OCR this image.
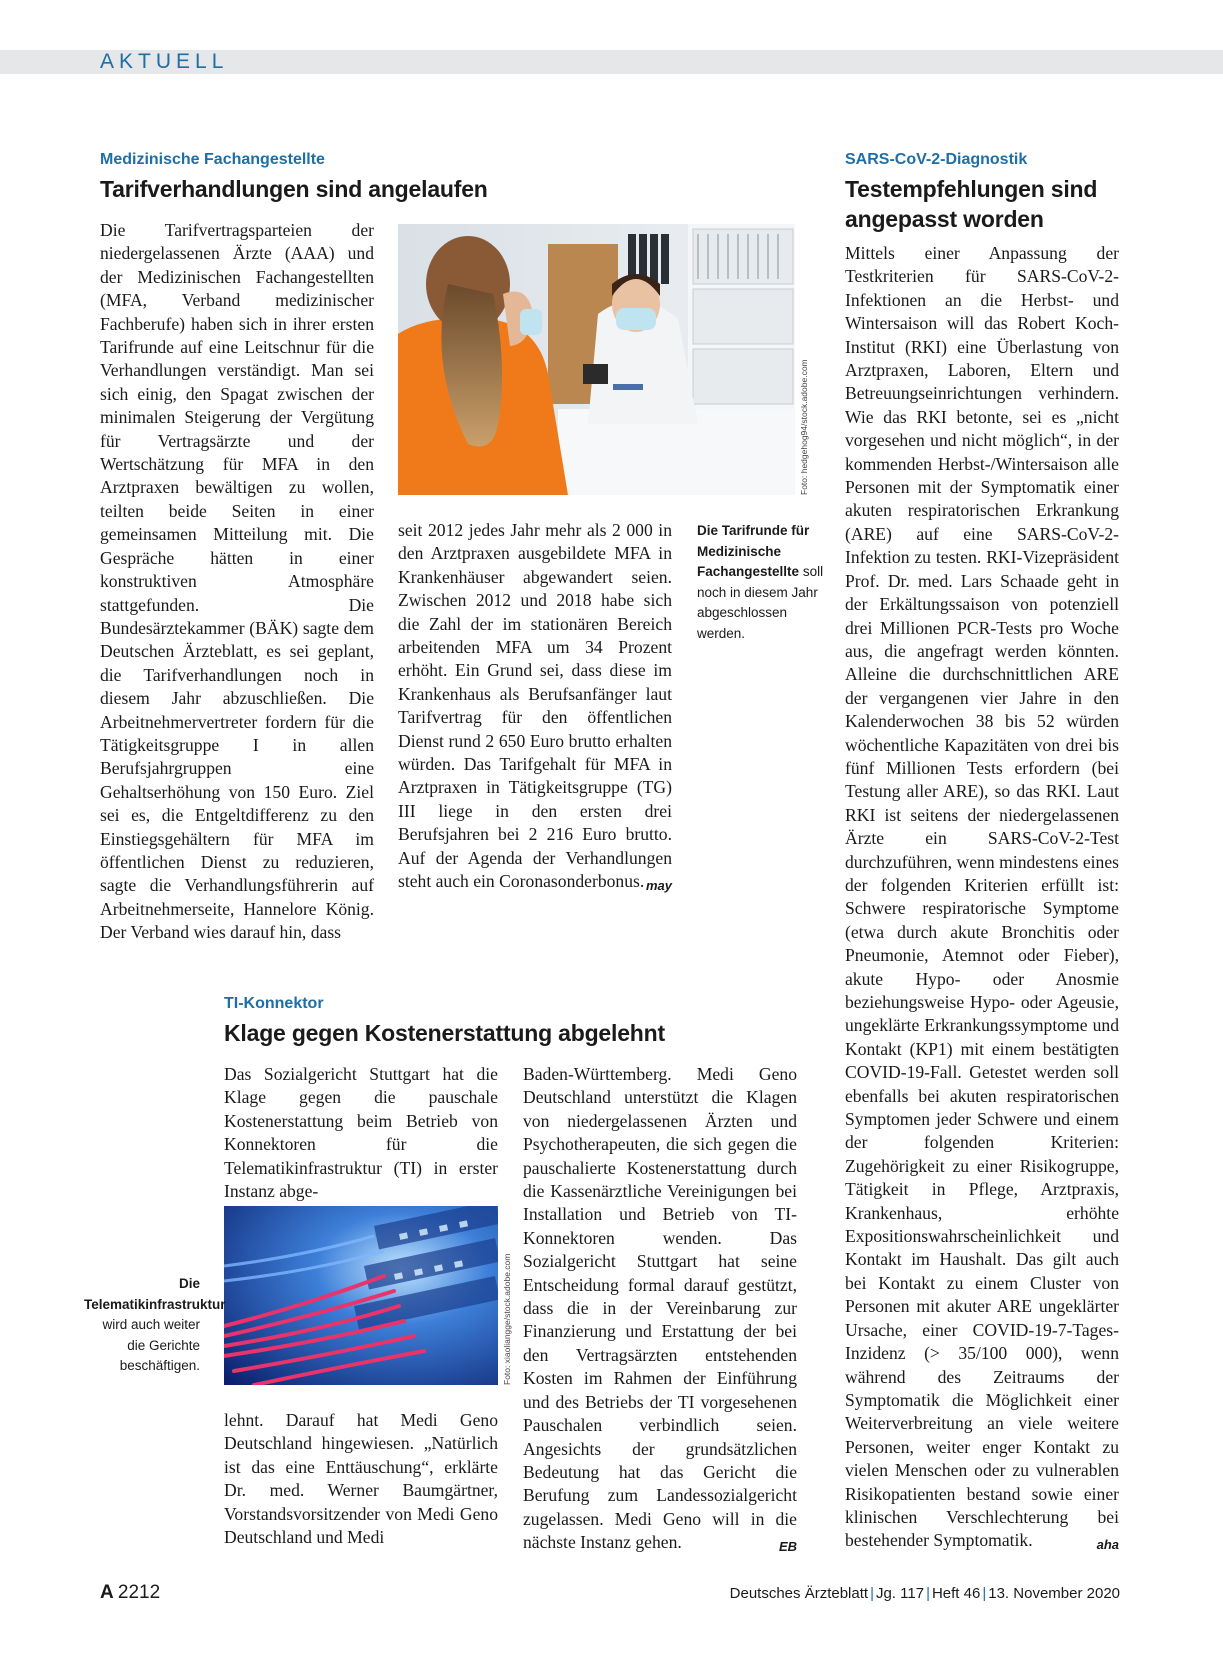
AKTUELL
Medizinische Fachangestellte
Tarifverhandlungen sind angelaufen

Die Tarifvertragsparteien der niedergelassenen Ärzte (AAA) und der Medizinischen Fachangestellten (MFA, Verband medizinischer Fachberufe) haben sich in ihrer ersten Tarifrunde auf eine Leitschnur für die Verhandlungen verständigt. Man sei sich einig, den Spagat zwischen der minimalen Steigerung der Vergütung für Vertragsärzte und der Wertschätzung für MFA in den Arztpraxen bewältigen zu wollen, teilten beide Seiten in einer gemeinsamen Mitteilung mit. Die Gespräche hätten in einer konstruktiven Atmosphäre stattgefunden. Die Bundesärztekammer (BÄK) sagte dem Deutschen Ärzteblatt, es sei geplant, die Tarifverhandlungen noch in diesem Jahr abzuschließen. Die Arbeitnehmervertreter fordern für die Tätigkeitsgruppe I in allen Berufsjahrgruppen eine Gehaltserhöhung von 150 Euro. Ziel sei es, die Entgeltdifferenz zu den Einstiegsgehältern für MFA im öffentlichen Dienst zu reduzieren, sagte die Verhandlungsführerin auf Arbeitnehmerseite, Hannelore König. Der Verband wies darauf hin, dass

Foto: hedgehog94/stock.adobe.com

seit 2012 jedes Jahr mehr als 2 000 in den Arztpraxen ausgebildete MFA in Krankenhäuser abgewandert seien. Zwischen 2012 und 2018 habe sich die Zahl der im stationären Bereich arbeitenden MFA um 34 Prozent erhöht. Ein Grund sei, dass diese im Krankenhaus als Berufsanfänger laut Tarifvertrag für den öffentlichen Dienst rund 2 650 Euro brutto erhalten würden. Das Tarifgehalt für MFA in Arztpraxen in Tätigkeitsgruppe (TG) III liege in den ersten drei Berufsjahren bei 2 216 Euro brutto. Auf der Agenda der Verhandlungen steht auch ein Coronasonderbonus. may

Die Tarifrunde für Medizinische Fachangestellte soll noch in diesem Jahr abgeschlossen werden.
TI-Konnektor
Klage gegen Kostenerstattung abgelehnt

Das Sozialgericht Stuttgart hat die Klage gegen die pauschale Kostenerstattung beim Betrieb von Konnektoren für die Telematikinfrastruktur (TI) in erster Instanz abge-

Foto: xiaoliangge/stock.adobe.com
Die Telematikinfrastruktur wird auch weiter die Gerichte beschäftigen.

lehnt. Darauf hat Medi Geno Deutschland hingewiesen. „Natürlich ist das eine Enttäuschung“, erklärte Dr. med. Werner Baumgärtner, Vorstandsvorsitzender von Medi Geno Deutschland und Medi

Baden-Württemberg. Medi Geno Deutschland unterstützt die Klagen von niedergelassenen Ärzten und Psychotherapeuten, die sich gegen die pauschalierte Kostenerstattung durch die Kassenärztliche Vereinigungen bei Installation und Betrieb von TI-Konnektoren wenden. Das Sozialgericht Stuttgart hat seine Entscheidung formal darauf gestützt, dass die in der Vereinbarung zur Finanzierung und Erstattung der bei den Vertragsärzten entstehenden Kosten im Rahmen der Einführung und des Betriebs der TI vorgesehenen Pauschalen verbindlich seien. Angesichts der grundsätzlichen Bedeutung hat das Gericht die Berufung zum Landessozialgericht zugelassen. Medi Geno will in die nächste Instanz gehen.	EB

SARS-CoV-2-Diagnostik
Testempfehlungen sind angepasst worden

Mittels einer Anpassung der Testkriterien für SARS-CoV-2-Infektionen an die Herbst- und Wintersaison will das Robert Koch-Institut (RKI) eine Überlastung von Arztpraxen, Laboren, Eltern und Betreuungseinrichtungen verhindern. Wie das RKI betonte, sei es „nicht vorgesehen und nicht möglich“, in der kommenden Herbst-/Wintersaison alle Personen mit der Symptomatik einer akuten respiratorischen Erkrankung (ARE) auf eine SARS-CoV-2-Infektion zu testen. RKI-Vizepräsident Prof. Dr. med. Lars Schaade geht in der Erkältungssaison von potenziell drei Millionen PCR-Tests pro Woche aus, die angefragt werden könnten. Alleine die durchschnittlichen ARE der vergangenen vier Jahre in den Kalenderwochen 38 bis 52 würden wöchentliche Kapazitäten von drei bis fünf Millionen Tests erfordern (bei Testung aller ARE), so das RKI. Laut RKI ist seitens der niedergelassenen Ärzte ein SARS-CoV-2-Test durchzuführen, wenn mindestens eines der folgenden Kriterien erfüllt ist: Schwere respiratorische Symptome (etwa durch akute Bronchitis oder Pneumonie, Atemnot oder Fieber), akute Hypo- oder Anosmie beziehungsweise Hypo- oder Ageusie, ungeklärte Erkrankungssymptome und Kontakt (KP1) mit einem bestätigten COVID-19-Fall. Getestet werden soll ebenfalls bei akuten respiratorischen Symptomen jeder Schwere und einem der folgenden Kriterien: Zugehörigkeit zu einer Risikogruppe, Tätigkeit in Pflege, Arztpraxis, Krankenhaus, erhöhte Expositionswahrscheinlichkeit und Kontakt im Haushalt. Das gilt auch bei Kontakt zu einem Cluster von Personen mit akuter ARE ungeklärter Ursache, einer COVID-19-7-Tages-Inzidenz (> 35/100 000), wenn während des Zeitraums der Symptomatik die Möglichkeit einer Weiterverbreitung an viele weitere Personen, weiter enger Kontakt zu vielen Menschen oder zu vulnerablen Risikopatienten bestand sowie einer klinischen Verschlechterung bei bestehender Symptomatik.	aha

A 2212	Deutsches Ärzteblatt | Jg. 117 | Heft 46 | 13. November 2020
